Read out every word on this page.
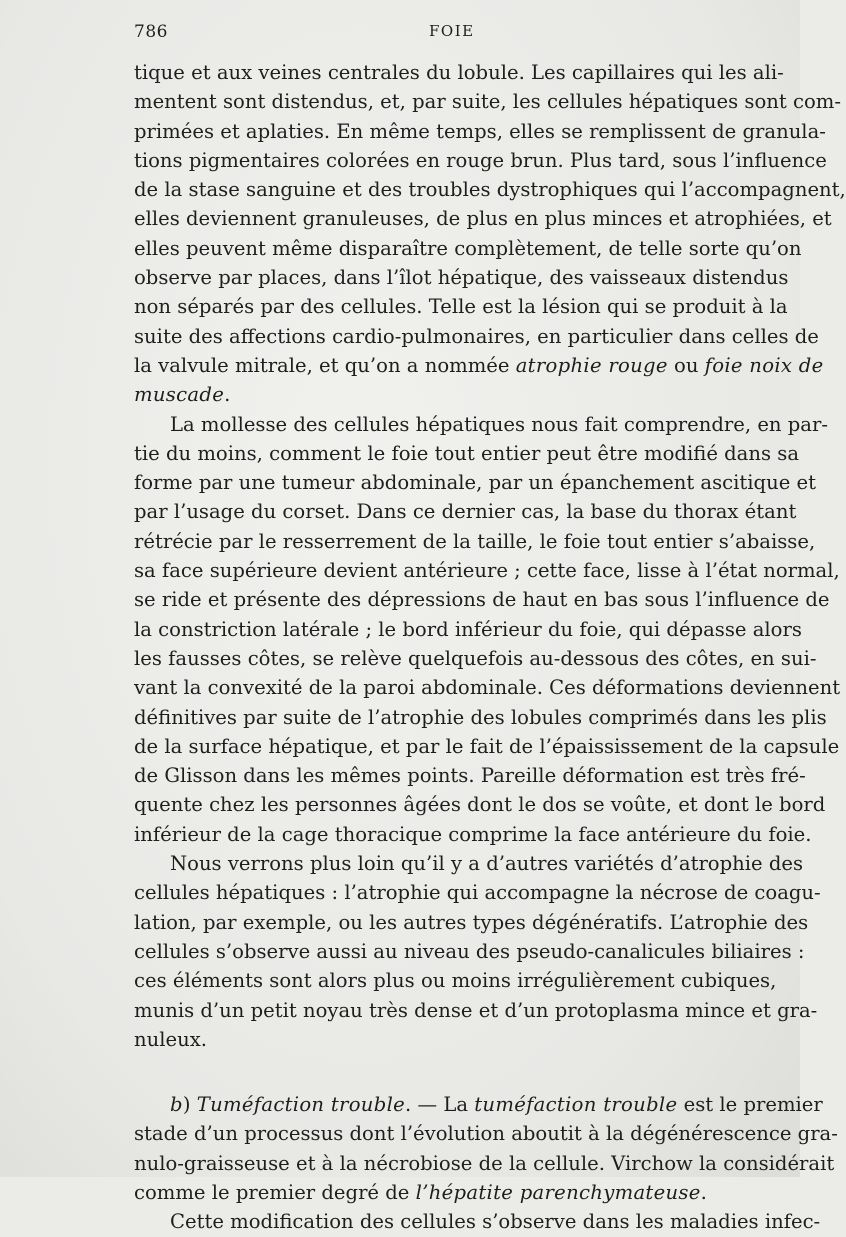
786	FOIE
tique et aux veines centrales du lobule. Les capillaires qui les ali-
mentent sont distendus, et, par suite, les cellules hépatiques sont com-
primées et aplaties. En même temps, elles se remplissent de granula-
tions pigmentaires colorées en rouge brun. Plus tard, sous l’influence
de la stase sanguine et des troubles dystrophiques qui l’accompagnent,
elles deviennent granuleuses, de plus en plus minces et atrophiées, et
elles peuvent même disparaître complètement, de telle sorte qu’on
observe par places, dans l’îlot hépatique, des vaisseaux distendus
non séparés par des cellules. Telle est la lésion qui se produit à la
suite des affections cardio-pulmonaires, en particulier dans celles de
la valvule mitrale, et qu’on a nommée atrophie rouge ou foie noix de
muscade.
La mollesse des cellules hépatiques nous fait comprendre, en par-
tie du moins, comment le foie tout entier peut être modifié dans sa
forme par une tumeur abdominale, par un épanchement ascitique et
par l’usage du corset. Dans ce dernier cas, la base du thorax étant
rétrécie par le resserrement de la taille, le foie tout entier s’abaisse,
sa face supérieure devient antérieure ; cette face, lisse à l’état normal,
se ride et présente des dépressions de haut en bas sous l’influence de
la constriction latérale ; le bord inférieur du foie, qui dépasse alors
les fausses côtes, se relève quelquefois au-dessous des côtes, en sui-
vant la convexité de la paroi abdominale. Ces déformations deviennent
définitives par suite de l’atrophie des lobules comprimés dans les plis
de la surface hépatique, et par le fait de l’épaississement de la capsule
de Glisson dans les mêmes points. Pareille déformation est très fré-
quente chez les personnes âgées dont le dos se voûte, et dont le bord
inférieur de la cage thoracique comprime la face antérieure du foie.
Nous verrons plus loin qu’il y a d’autres variétés d’atrophie des
cellules hépatiques : l’atrophie qui accompagne la nécrose de coagu-
lation, par exemple, ou les autres types dégénératifs. L’atrophie des
cellules s’observe aussi au niveau des pseudo-canalicules biliaires :
ces éléments sont alors plus ou moins irrégulièrement cubiques,
munis d’un petit noyau très dense et d’un protoplasma mince et gra-
nuleux.
b) Tuméfaction trouble. — La tuméfaction trouble est le premier
stade d’un processus dont l’évolution aboutit à la dégénérescence gra-
nulo-graisseuse et à la nécrobiose de la cellule. Virchow la considérait
comme le premier degré de l’hépatite parenchymateuse.
Cette modification des cellules s’observe dans les maladies infec-
